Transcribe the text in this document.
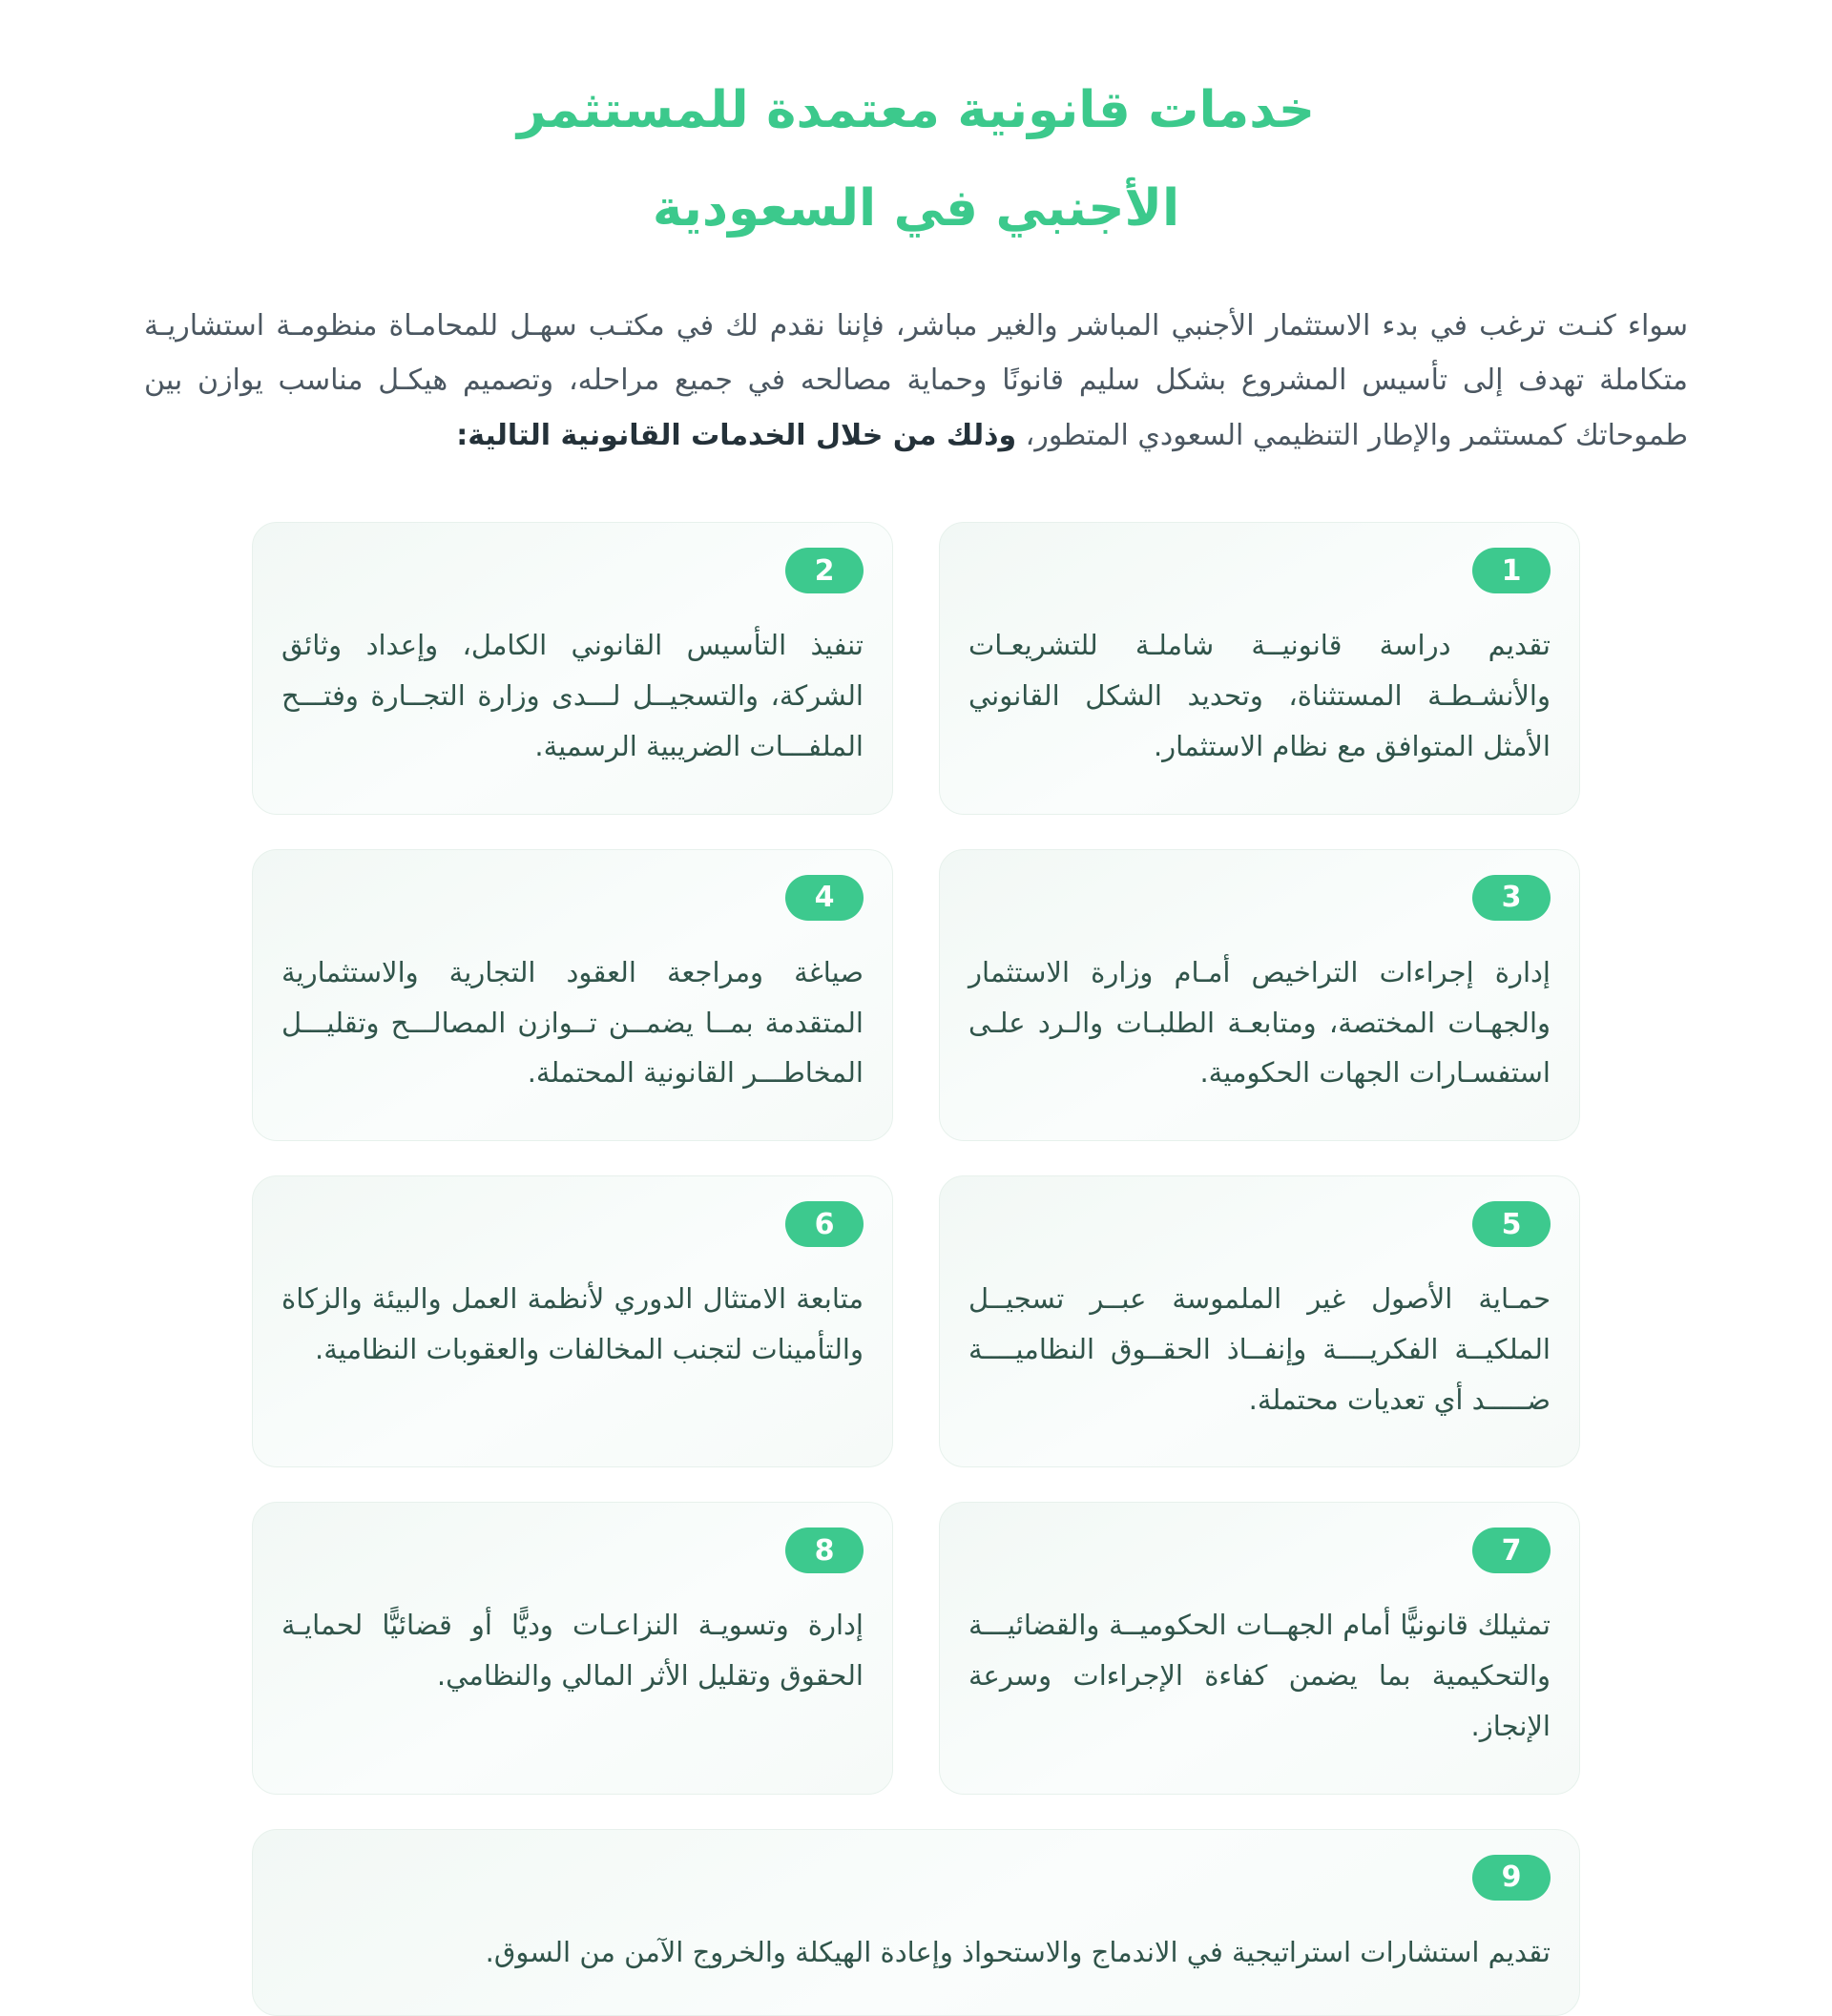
خدمات قانونية معتمدة للمستثمر
الأجنبي في السعودية

سواء كنـت ترغب في بدء الاستثمار الأجنبي المباشر والغير مباشر، فإننا نقدم لك في مكتـب سهـل للمحامـاة منظومـة استشاريـة متكاملة تهدف إلى تأسيس المشروع بشكل سليم قانونًا وحماية مصالحه في جميع مراحله، وتصميم هيكـل مناسب يوازن بين طموحاتك كمستثمر والإطار التنظيمي السعودي المتطور، وذلك من خلال الخدمات القانونية التالية:

1

تقديم دراسة قانونيــة شاملـة للتشريعـات والأنشـطـة المستثناة، وتحديد الشكل القانوني الأمثل المتوافق مع نظام الاستثمار.

2

تنفيذ التأسيس القانوني الكامل، وإعداد وثائق الشركة، والتسجيــل لـــدى وزارة التجــارة وفتـــح الملفـــات الضريبية الرسمية.

3

إدارة إجراءات التراخيص أمـام وزارة الاستثمار والجهـات المختصة، ومتابعـة الطلبـات والـرد علـى استفسـارات الجهات الحكومية.

4

صياغة ومراجعة العقود التجارية والاستثمارية المتقدمة بمــا يضمــن تــوازن المصالـــح وتقليـــل المخاطـــر القانونية المحتملة.

5

حمـاية الأصول غير الملموسة عبــر تسجيــل الملكيــة الفكريــــة وإنفــاذ الحقــوق النظاميــــة ضـــــد أي تعديات محتملة.

6

متابعة الامتثال الدوري لأنظمة العمل والبيئة والزكاة والتأمينات لتجنب المخالفات والعقوبات النظامية.

7

تمثيلك قانونيًّا أمام الجهــات الحكوميــة والقضائيـــة والتحكيمية بما يضمن كفاءة الإجراءات وسرعة الإنجاز.

8

إدارة وتسويـة النزاعـات وديًّا أو قضائيًّا لحمايـة الحقوق وتقليل الأثر المالي والنظامي.

9

تقديم استشارات استراتيجية في الاندماج والاستحواذ وإعادة الهيكلة والخروج الآمن من السوق.
